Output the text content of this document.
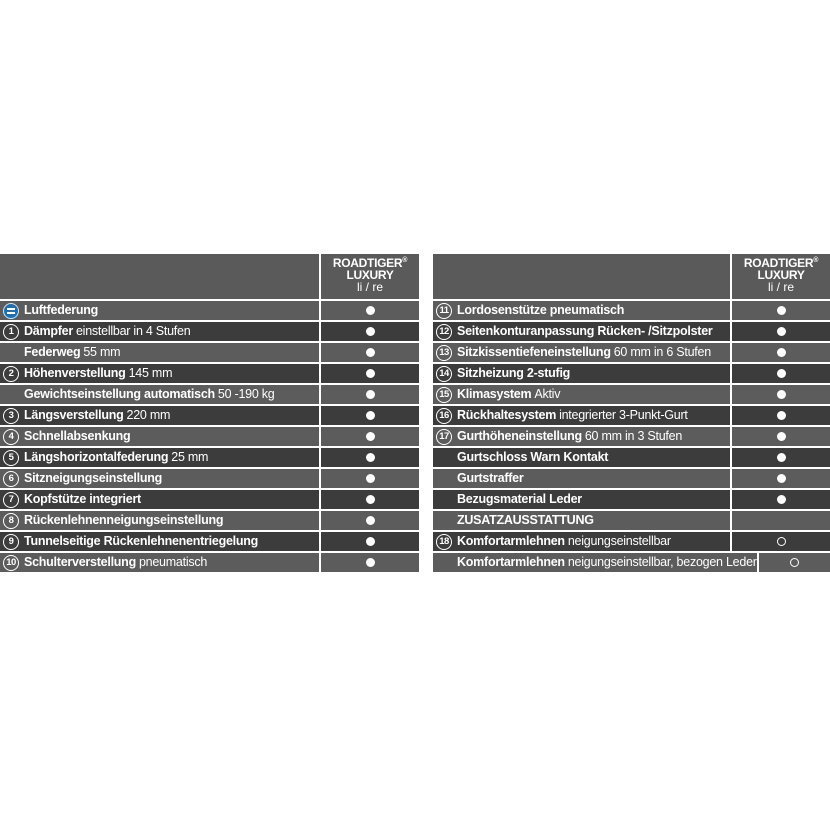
ROADTIGER®
LUXURY
li / re
Luftfederung
1 Dämpfer einstellbar in 4 Stufen
Federweg 55 mm
2 Höhenverstellung 145 mm
Gewichtseinstellung automatisch 50 -190 kg
3 Längsverstellung 220 mm
4 Schnellabsenkung
5 Längshorizontalfederung 25 mm
6 Sitzneigungseinstellung
7 Kopfstütze integriert
8 Rückenlehnenneigungseinstellung
9 Tunnelseitige Rückenlehnenentriegelung
10 Schulterverstellung pneumatisch
ROADTIGER®
LUXURY
li / re
11 Lordosenstütze pneumatisch
12 Seitenkonturanpassung Rücken- /Sitzpolster
13 Sitzkissentiefeneinstellung 60 mm in 6 Stufen
14 Sitzheizung 2-stufig
15 Klimasystem Aktiv
16 Rückhaltesystem integrierter 3-Punkt-Gurt
17 Gurthöheneinstellung 60 mm in 3 Stufen
Gurtschloss Warn Kontakt
Gurtstraffer
Bezugsmaterial Leder
ZUSATZAUSSTATTUNG
18 Komfortarmlehnen neigungseinstellbar
Komfortarmlehnen neigungseinstellbar, bezogen Leder
